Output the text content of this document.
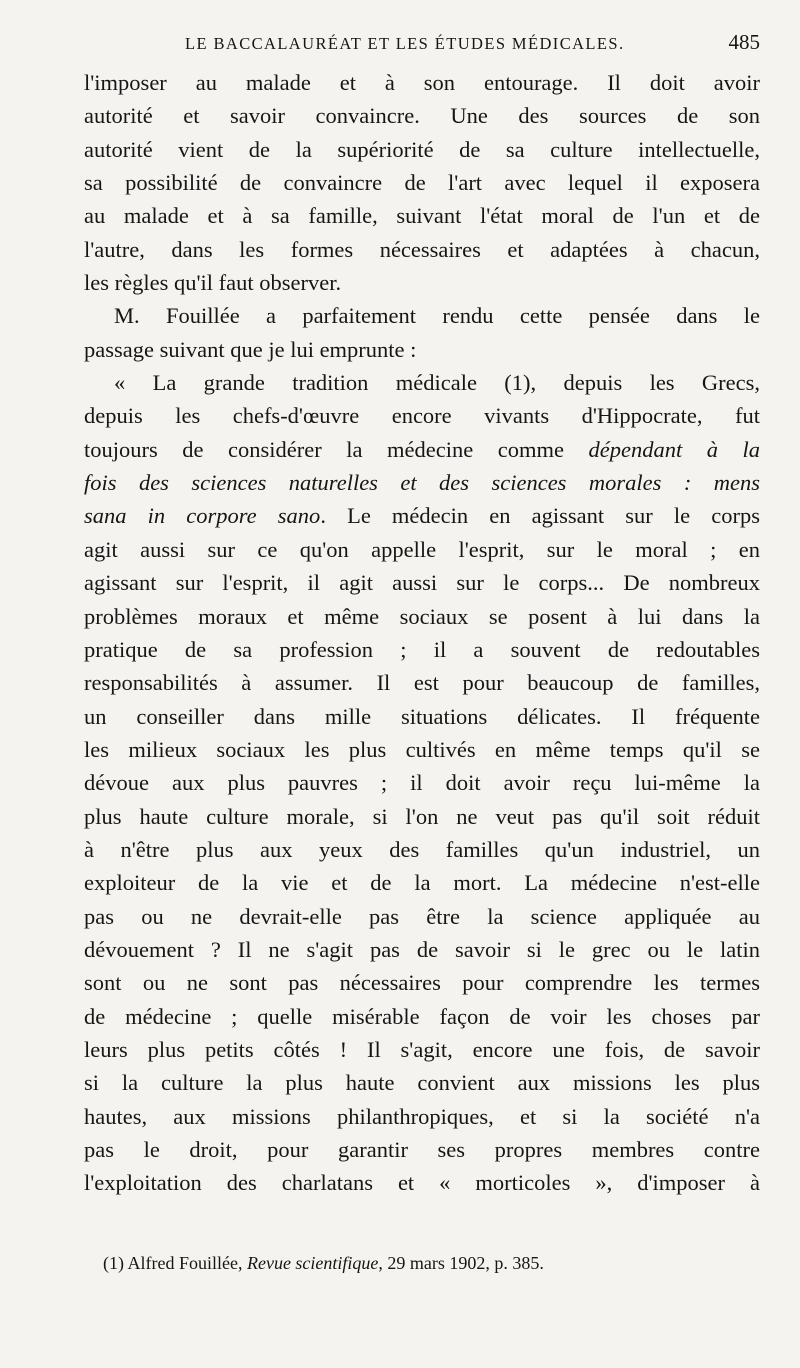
LE BACCALAURÉAT ET LES ÉTUDES MÉDICALES.	485
l'imposer au malade et à son entourage. Il doit avoir
autorité et savoir convaincre. Une des sources de son
autorité vient de la supériorité de sa culture intellectuelle,
sa possibilité de convaincre de l'art avec lequel il exposera
au malade et à sa famille, suivant l'état moral de l'un et de
l'autre, dans les formes nécessaires et adaptées à chacun,
les règles qu'il faut observer.
M. Fouillée a parfaitement rendu cette pensée dans le
passage suivant que je lui emprunte :
« La grande tradition médicale (1), depuis les Grecs,
depuis les chefs-d'œuvre encore vivants d'Hippocrate, fut
toujours de considérer la médecine comme dépendant à la
fois des sciences naturelles et des sciences morales : mens
sana in corpore sano. Le médecin en agissant sur le corps
agit aussi sur ce qu'on appelle l'esprit, sur le moral ; en
agissant sur l'esprit, il agit aussi sur le corps... De nombreux
problèmes moraux et même sociaux se posent à lui dans la
pratique de sa profession ; il a souvent de redoutables
responsabilités à assumer. Il est pour beaucoup de familles,
un conseiller dans mille situations délicates. Il fréquente
les milieux sociaux les plus cultivés en même temps qu'il se
dévoue aux plus pauvres ; il doit avoir reçu lui-même la
plus haute culture morale, si l'on ne veut pas qu'il soit réduit
à n'être plus aux yeux des familles qu'un industriel, un
exploiteur de la vie et de la mort. La médecine n'est-elle
pas ou ne devrait-elle pas être la science appliquée au
dévouement ? Il ne s'agit pas de savoir si le grec ou le latin
sont ou ne sont pas nécessaires pour comprendre les termes
de médecine ; quelle misérable façon de voir les choses par
leurs plus petits côtés ! Il s'agit, encore une fois, de savoir
si la culture la plus haute convient aux missions les plus
hautes, aux missions philanthropiques, et si la société n'a
pas le droit, pour garantir ses propres membres contre
l'exploitation des charlatans et « morticoles », d'imposer à
(1) Alfred Fouillée, Revue scientifique, 29 mars 1902, p. 385.
